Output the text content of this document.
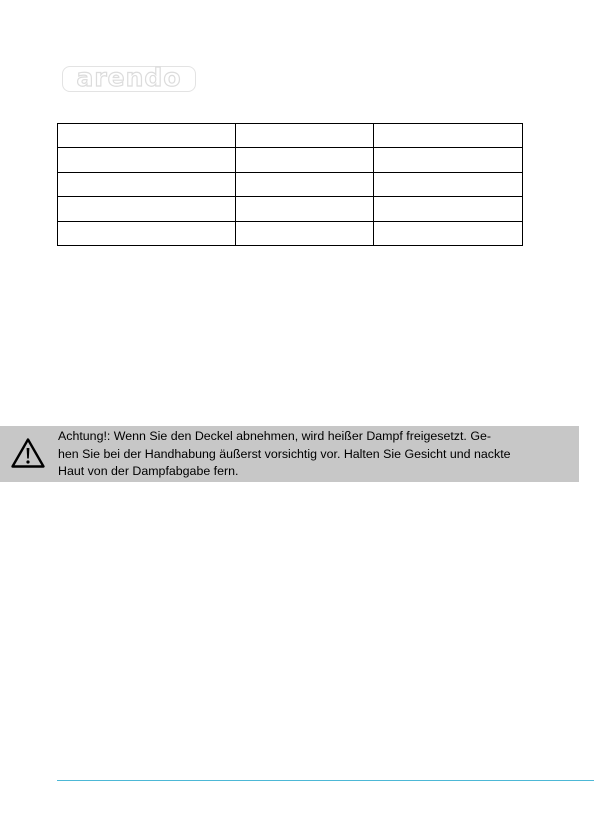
arendo

Achtung!: Wenn Sie den Deckel abnehmen, wird heißer Dampf freigesetzt. Ge-
hen Sie bei der Handhabung äußerst vorsichtig vor. Halten Sie Gesicht und nackte
Haut von der Dampfabgabe fern.
